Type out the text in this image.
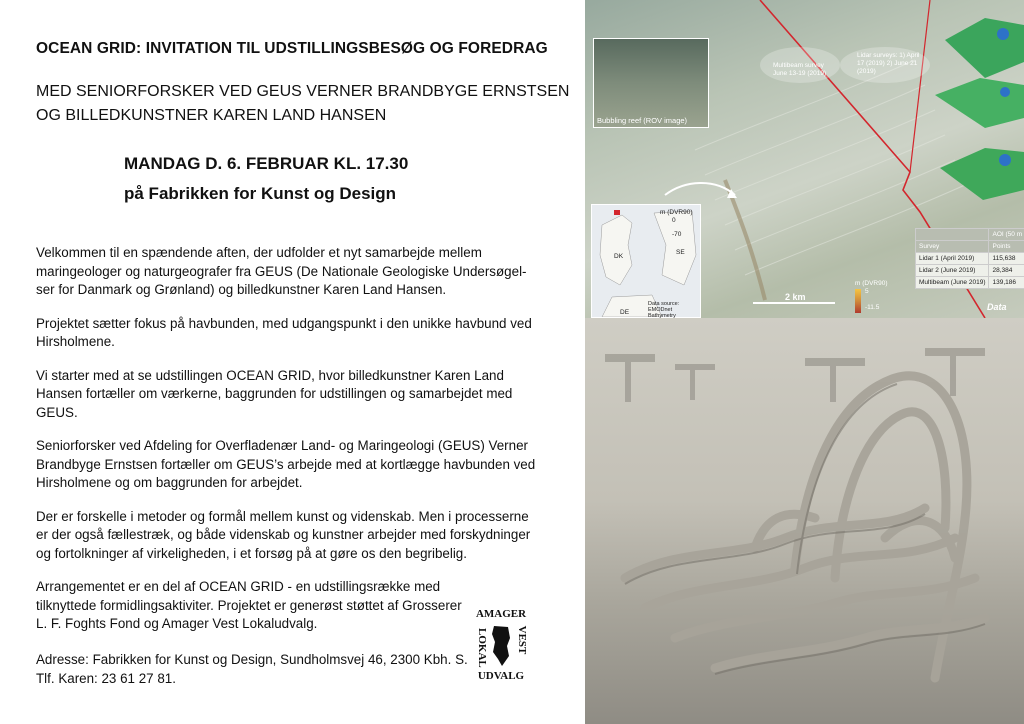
OCEAN GRID: INVITATION TIL UDSTILLINGSBESØG OG FOREDRAG
MED SENIORFORSKER VED GEUS VERNER BRANDBYGE ERNSTSEN OG BILLEDKUNSTNER KAREN LAND HANSEN
MANDAG D. 6. FEBRUAR KL. 17.30
på Fabrikken for Kunst og Design

Velkommen til en spændende aften, der udfolder et nyt samarbejde mellem maringeologer og naturgeografer fra GEUS (De Nationale Geologiske Undersøgel-ser for Danmark og Grønland) og billedkunstner Karen Land Hansen.

Projektet sætter fokus på havbunden, med udgangspunkt i den unikke havbund ved Hirsholmene.

Vi starter med at se udstillingen OCEAN GRID, hvor billedkunstner Karen Land Hansen fortæller om værkerne, baggrunden for udstillingen og samarbejdet med GEUS.

Seniorforsker ved Afdeling for Overfladenær Land- og Maringeologi (GEUS) Verner Brandbyge Ernstsen fortæller om GEUS’s arbejde med at kortlægge havbunden ved Hirsholmene og om baggrunden for arbejdet.

Der er forskelle i metoder og formål mellem kunst og videnskab. Men i processerne er der også fællestræk, og både videnskab og kunstner arbejder med forskydninger og fortolkninger af virkeligheden, i et forsøg på at gøre os den begribelig.

Arrangementet er en del af OCEAN GRID - en udstillingsrække med tilknyttede formidlingsaktiviter. Projektet er generøst støttet af Grosserer L. F. Foghts Fond og Amager Vest Lokaludvalg.

Adresse: Fabrikken for Kunst og Design, Sundholmsvej 46, 2300 Kbh. S.
Tlf. Karen: 23 61 27 81.
AMAGER
LOKAL	VEST
UDVALG
Bubbling reef (ROV image)
Multibeam survey June 13-19 (2019)
Lidar surveys: 1) April 17 (2019) 2) June 21 (2019)
m (DVR90)
0
-70
DK
SE
DE
Data source: EMODnet Bathymetry
2 km
m (DVR90)
5
-11.5
	AOI (50 m
Survey	Points
Lidar 1 (April 2019)	115,638
Lidar 2 (June 2019)	28,384
Multibeam (June 2019)	139,186
Data
